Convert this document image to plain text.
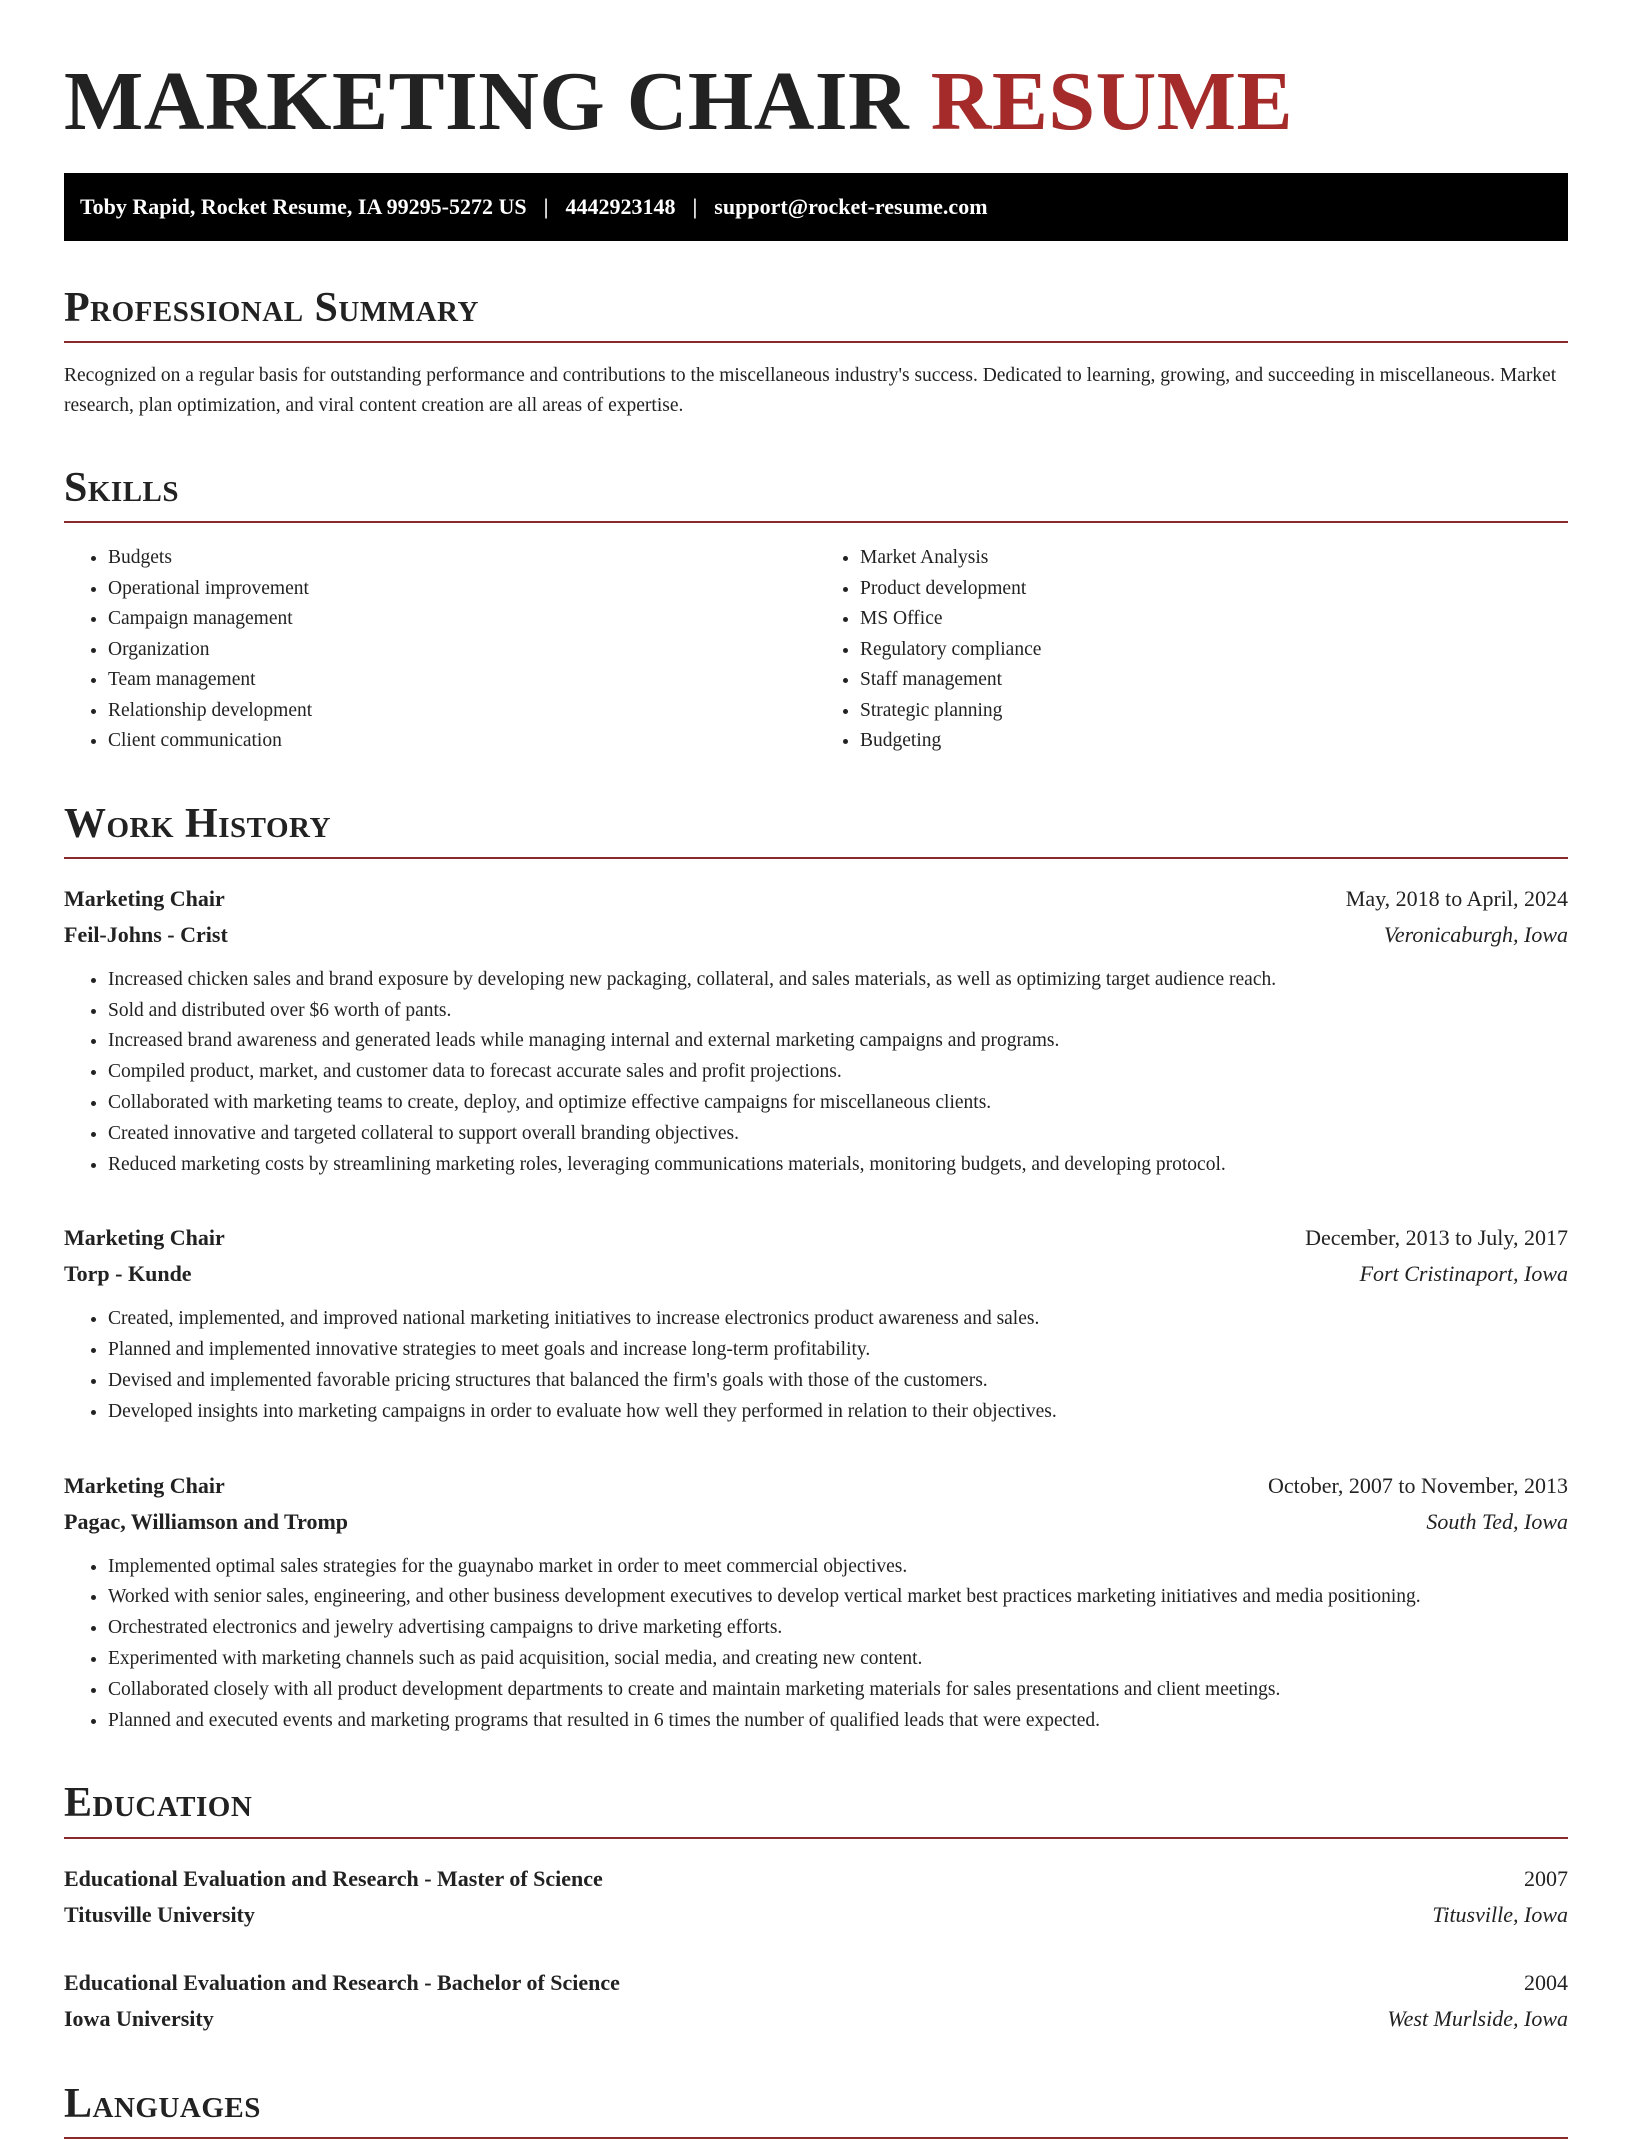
MARKETING CHAIR RESUME
Toby Rapid, Rocket Resume, IA 99295-5272 US | 4442923148 | support@rocket-resume.com
Professional Summary

Recognized on a regular basis for outstanding performance and contributions to the miscellaneous industry's success. Dedicated to learning, growing, and succeeding in miscellaneous. Market research, plan optimization, and viral content creation are all areas of expertise.

Skills
• Budgets
• Operational improvement
• Campaign management
• Organization
• Team management
• Relationship development
• Client communication
• Market Analysis
• Product development
• MS Office
• Regulatory compliance
• Staff management
• Strategic planning
• Budgeting
Work History
Marketing Chair	May, 2018 to April, 2024
Feil-Johns - Crist	Veronicaburgh, Iowa
• Increased chicken sales and brand exposure by developing new packaging, collateral, and sales materials, as well as optimizing target audience reach.
• Sold and distributed over $6 worth of pants.
• Increased brand awareness and generated leads while managing internal and external marketing campaigns and programs.
• Compiled product, market, and customer data to forecast accurate sales and profit projections.
• Collaborated with marketing teams to create, deploy, and optimize effective campaigns for miscellaneous clients.
• Created innovative and targeted collateral to support overall branding objectives.
• Reduced marketing costs by streamlining marketing roles, leveraging communications materials, monitoring budgets, and developing protocol.
Marketing Chair	December, 2013 to July, 2017
Torp - Kunde	Fort Cristinaport, Iowa
• Created, implemented, and improved national marketing initiatives to increase electronics product awareness and sales.
• Planned and implemented innovative strategies to meet goals and increase long-term profitability.
• Devised and implemented favorable pricing structures that balanced the firm's goals with those of the customers.
• Developed insights into marketing campaigns in order to evaluate how well they performed in relation to their objectives.
Marketing Chair	October, 2007 to November, 2013
Pagac, Williamson and Tromp	South Ted, Iowa
• Implemented optimal sales strategies for the guaynabo market in order to meet commercial objectives.
• Worked with senior sales, engineering, and other business development executives to develop vertical market best practices marketing initiatives and media positioning.
• Orchestrated electronics and jewelry advertising campaigns to drive marketing efforts.
• Experimented with marketing channels such as paid acquisition, social media, and creating new content.
• Collaborated closely with all product development departments to create and maintain marketing materials for sales presentations and client meetings.
• Planned and executed events and marketing programs that resulted in 6 times the number of qualified leads that were expected.
Education
Educational Evaluation and Research - Master of Science	2007
Titusville University	Titusville, Iowa
Educational Evaluation and Research - Bachelor of Science	2004
Iowa University	West Murlside, Iowa
Languages
